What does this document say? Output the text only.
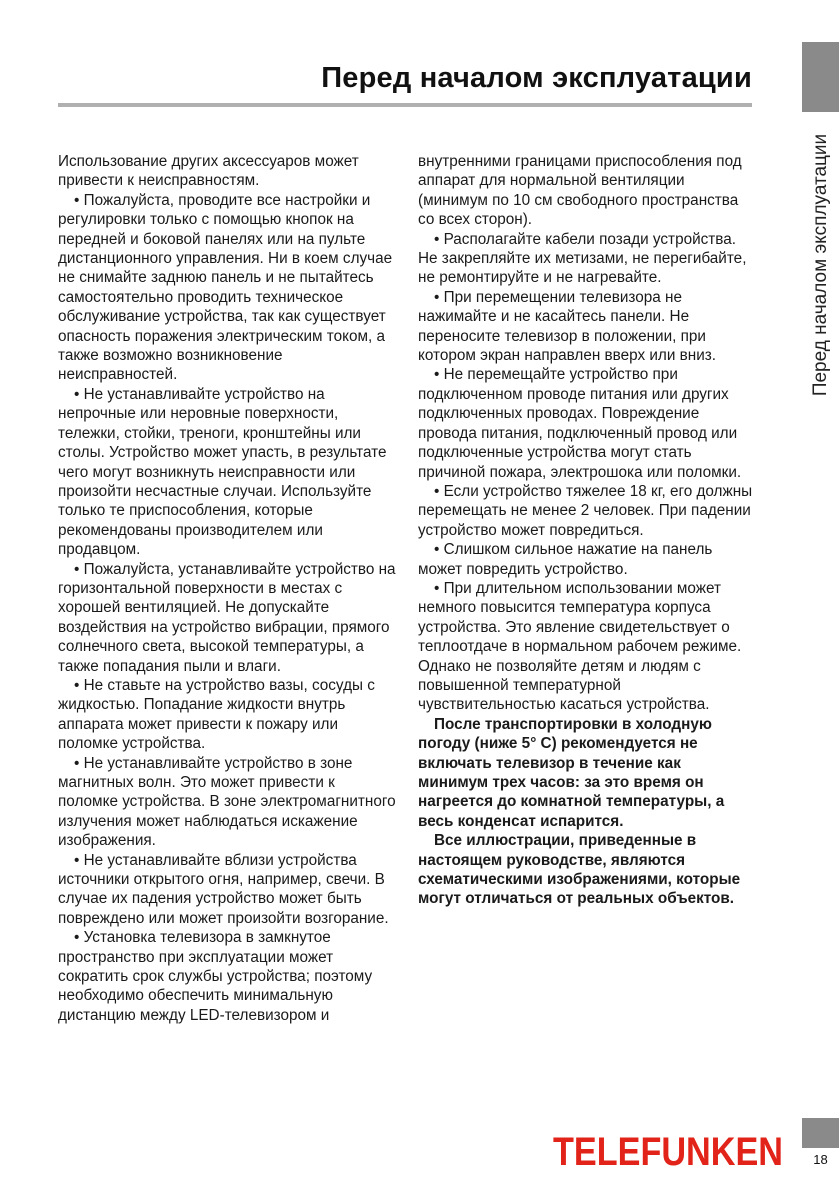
Перед началом эксплуатации
Перед началом эксплуатации

Использование других аксессуаров может привести к неисправностям.

• Пожалуйста, проводите все настройки и регулировки только с помощью кнопок на передней и боковой панелях или на пульте дистанционного управления. Ни в коем случае не снимайте заднюю панель и не пытайтесь самостоятельно проводить техническое обслуживание устройства, так как существует опасность поражения электрическим током, а также возможно возникновение неисправностей.

• Не устанавливайте устройство на непрочные или неровные поверхности, тележки, стойки, треноги, кронштейны или столы. Устройство может упасть, в результате чего могут возникнуть неисправности или произойти несчастные случаи. Используйте только те приспособления, которые рекомендованы производителем или продавцом.

• Пожалуйста, устанавливайте устройство на горизонтальной поверхности в местах с хорошей вентиляцией. Не допускайте воздействия на устройство вибрации, прямого солнечного света, высокой температуры, а также попадания пыли и влаги.

• Не ставьте на устройство вазы, сосуды с жидкостью. Попадание жидкости внутрь аппарата может привести к пожару или поломке устройства.

• Не устанавливайте устройство в зоне магнитных волн. Это может привести к поломке устройства. В зоне электромагнитного излучения может наблюдаться искажение изображения.

• Не устанавливайте вблизи устройства источники открытого огня, например, свечи. В случае их падения устройство может быть повреждено или может произойти возгорание.

• Установка телевизора в замкнутое пространство при эксплуатации может сократить срок службы устройства; поэтому необходимо обеспечить минимальную дистанцию между LED-телевизором и

внутренними границами приспособления под аппарат для нормальной вентиляции (минимум по 10 см свободного пространства со всех сторон).

• Располагайте кабели позади устройства. Не закрепляйте их метизами, не перегибайте, не ремонтируйте и не нагревайте.

• При перемещении телевизора не нажимайте и не касайтесь панели. Не переносите телевизор в положении, при котором экран направлен вверх или вниз.

• Не перемещайте устройство при подключенном проводе питания или других подключенных проводах. Повреждение провода питания, подключенный провод или подключенные устройства могут стать причиной пожара, электрошока или поломки.

• Если устройство тяжелее 18 кг, его должны перемещать не менее 2 человек. При падении устройство может повредиться.

• Слишком сильное нажатие на панель может повредить устройство.

• При длительном использовании может немного повысится температура корпуса устройства. Это явление свидетельствует о теплоотдаче в нормальном рабочем режиме. Однако не позволяйте детям и людям с повышенной температурной чувствительностью касаться устройства.

После транспортировки в холодную погоду (ниже 5° С) рекомендуется не включать телевизор в течение как минимум трех часов: за это время он нагреется до комнатной температуры, а весь конденсат испарится.

Все иллюстрации, приведенные в настоящем руководстве, являются схематическими изображениями, которые могут отличаться от реальных объектов.

TELEFUNKEN	18
